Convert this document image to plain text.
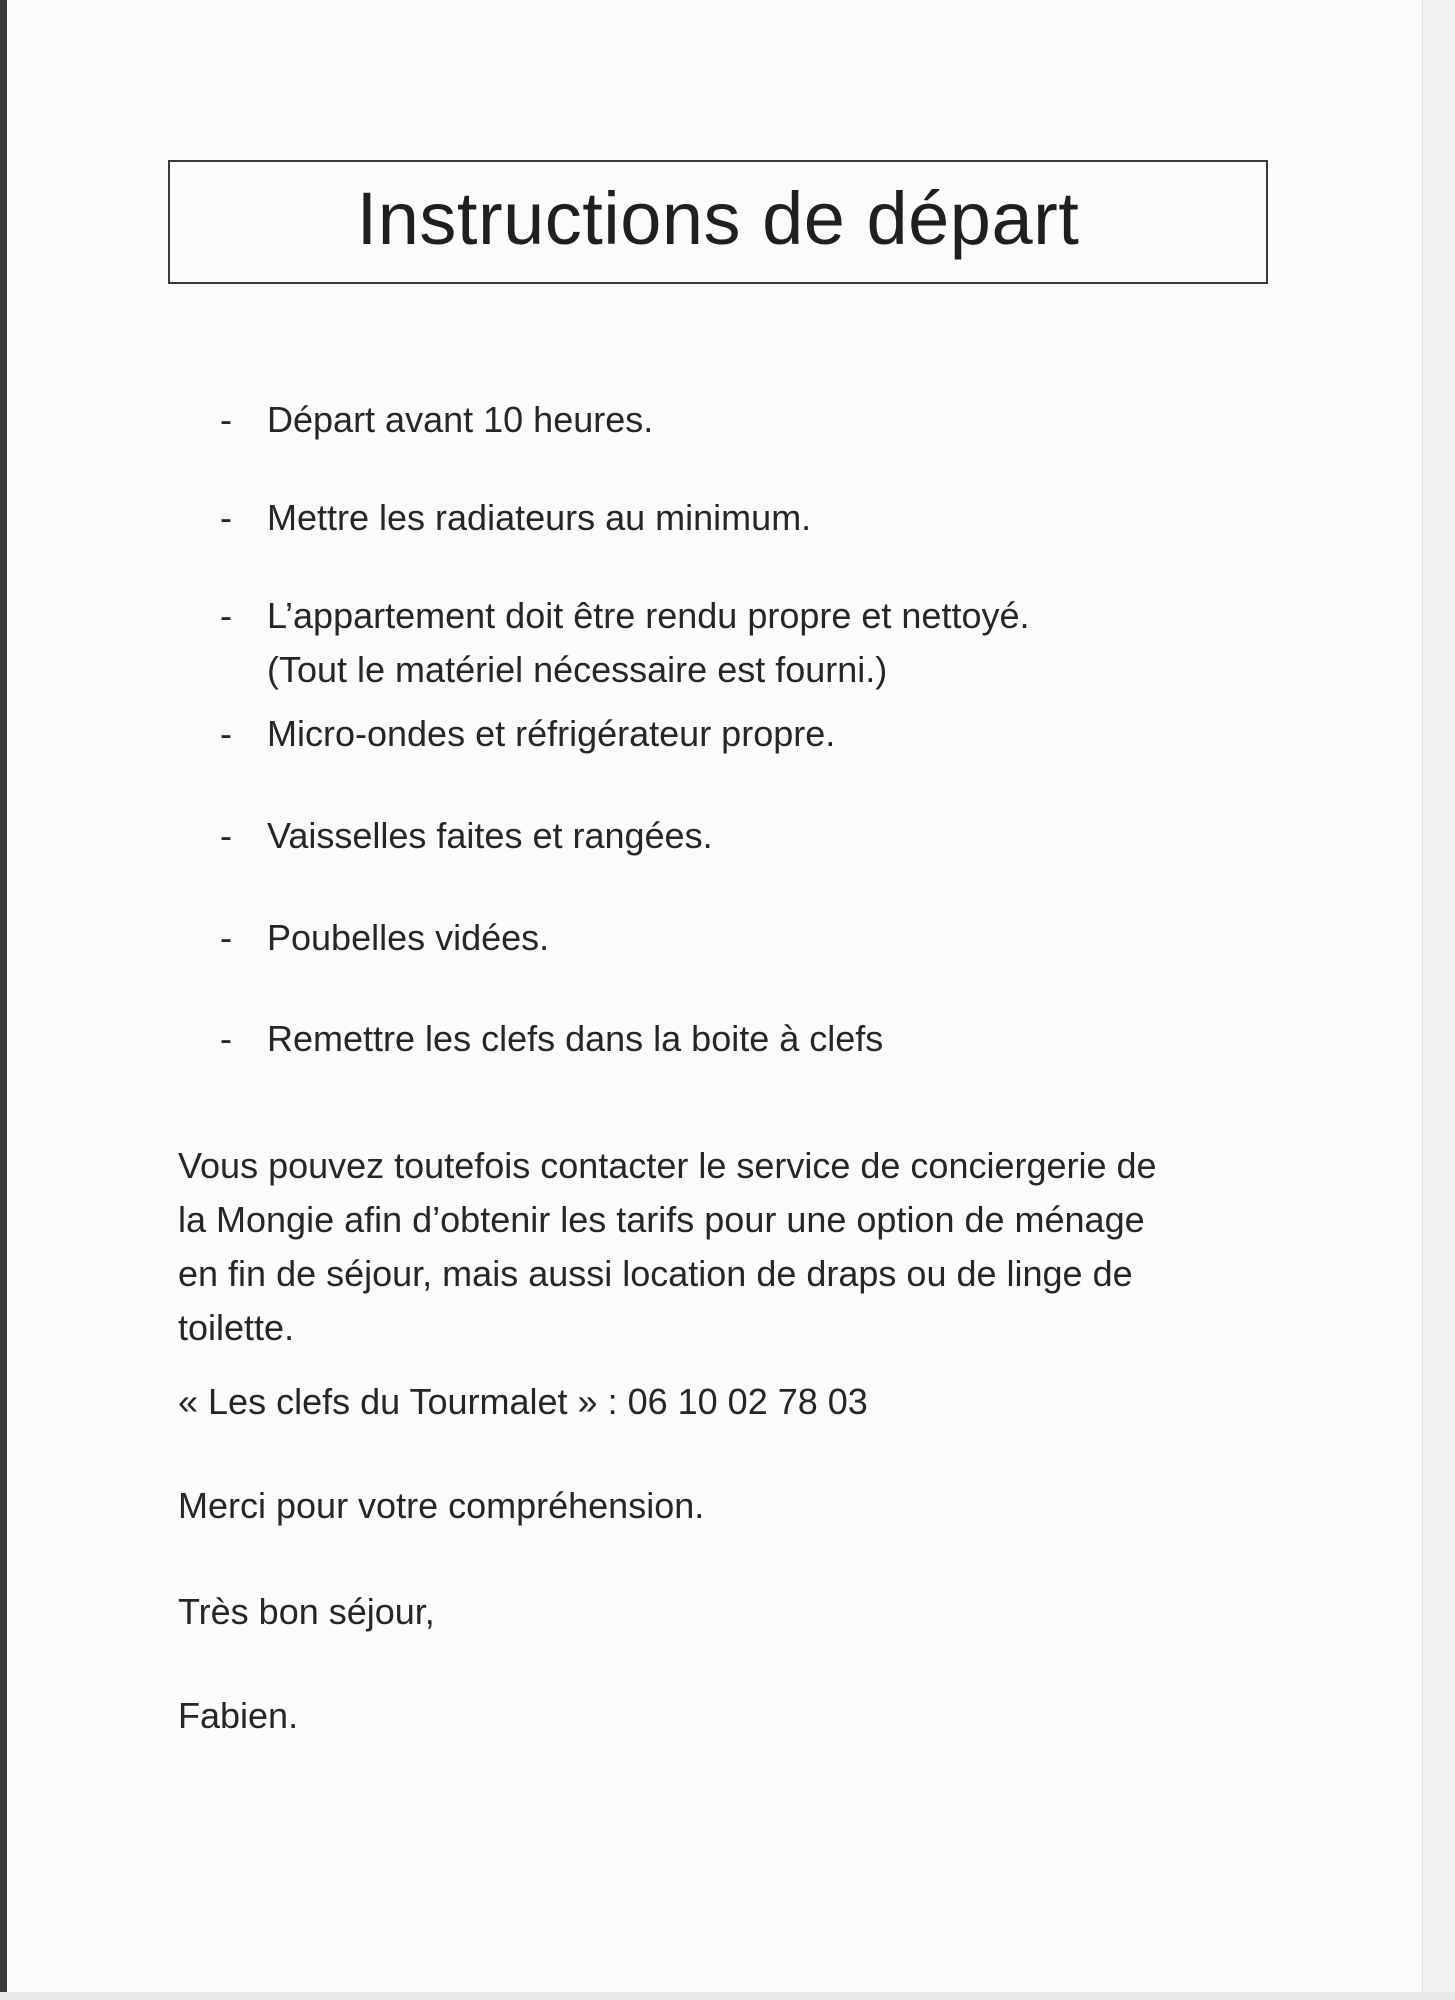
Instructions de départ
- Départ avant 10 heures.
- Mettre les radiateurs au minimum.
- L’appartement doit être rendu propre et nettoyé.
(Tout le matériel nécessaire est fourni.)
- Micro-ondes et réfrigérateur propre.
- Vaisselles faites et rangées.
- Poubelles vidées.
- Remettre les clefs dans la boite à clefs

Vous pouvez toutefois contacter le service de conciergerie de
la Mongie afin d’obtenir les tarifs pour une option de ménage
en fin de séjour, mais aussi location de draps ou de linge de
toilette.

« Les clefs du Tourmalet » : 06 10 02 78 03

Merci pour votre compréhension.

Très bon séjour,

Fabien.
